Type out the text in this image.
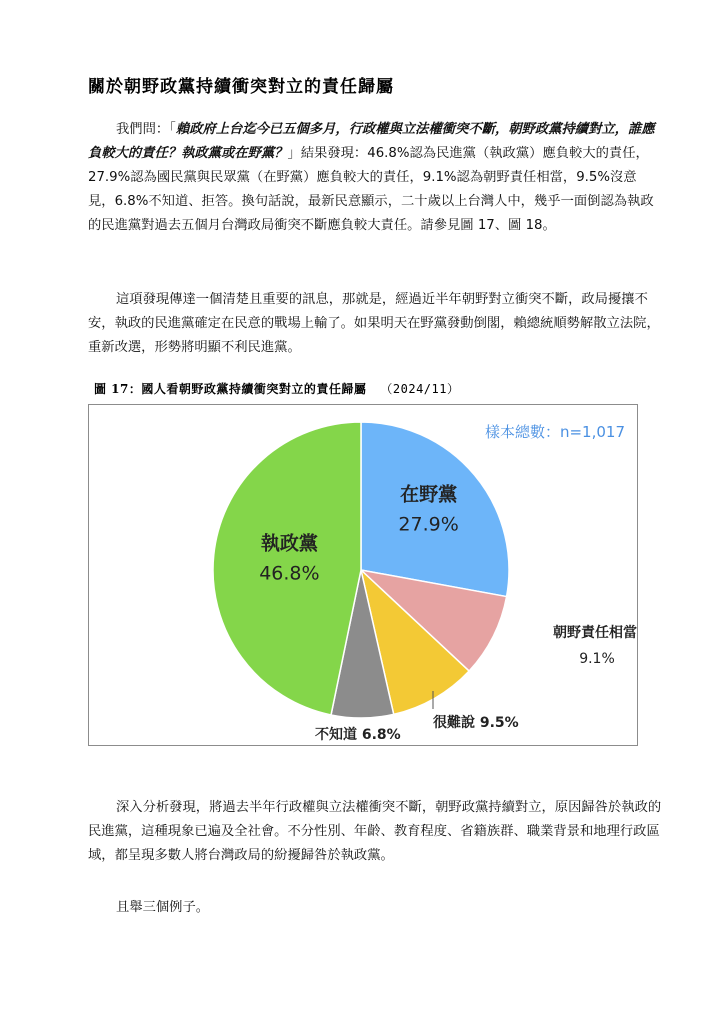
關於朝野政黨持續衝突對立的責任歸屬

我們問：「賴政府上台迄今已五個多月，行政權與立法權衝突不斷，朝野政黨持續對立，誰應負較大的責任？執政黨或在野黨？」結果發現：46.8%認為民進黨（執政黨）應負較大的責任，27.9%認為國民黨與民眾黨（在野黨）應負較大的責任，9.1%認為朝野責任相當，9.5%沒意見，6.8%不知道、拒答。換句話說，最新民意顯示，二十歲以上台灣人中，幾乎一面倒認為執政的民進黨對過去五個月台灣政局衝突不斷應負較大責任。請參見圖 17、圖 18。

這項發現傳達一個清楚且重要的訊息，那就是，經過近半年朝野對立衝突不斷，政局擾攘不安，執政的民進黨確定在民意的戰場上輸了。如果明天在野黨發動倒閣，賴總統順勢解散立法院，重新改選，形勢將明顯不利民進黨。

圖 17：國人看朝野政黨持續衝突對立的責任歸屬 （2024/11）
樣本總數：n=1,017
在野黨
27.9%
朝野責任相當
9.1%
很難說 9.5%
不知道 6.8%
執政黨
46.8%

深入分析發現，將過去半年行政權與立法權衝突不斷，朝野政黨持續對立，原因歸咎於執政的民進黨，這種現象已遍及全社會。不分性別、年齡、教育程度、省籍族群、職業背景和地理行政區域，都呈現多數人將台灣政局的紛擾歸咎於執政黨。

且舉三個例子。
